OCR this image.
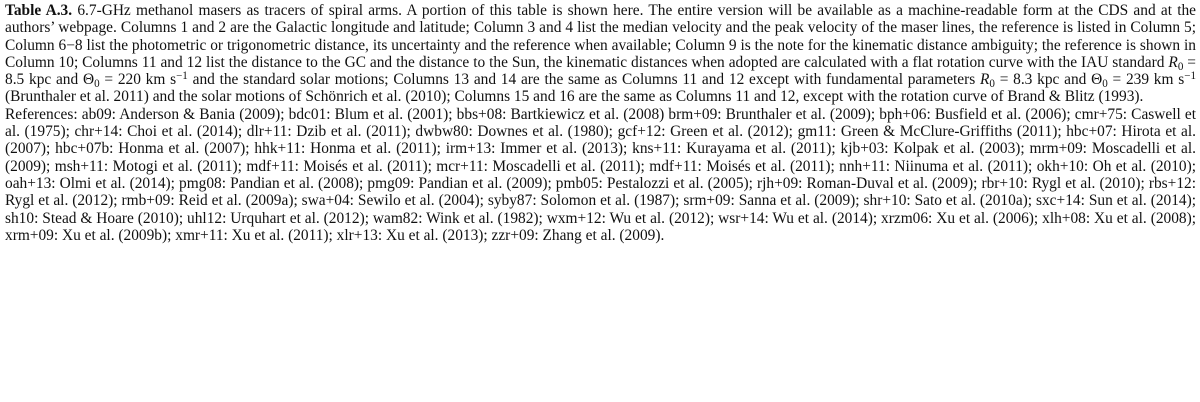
Table A.3. 6.7-GHz methanol masers as tracers of spiral arms. A portion of this table is shown here. The entire version will be available as a machine-readable form at the CDS and at the authors’ webpage. Columns 1 and 2 are the Galactic longitude and latitude; Column 3 and 4 list the median velocity and the peak velocity of the maser lines, the reference is listed in Column 5; Column 6−8 list the photometric or trigonometric distance, its uncertainty and the reference when available; Column 9 is the note for the kinematic distance ambiguity; the reference is shown in Column 10; Columns 11 and 12 list the distance to the GC and the distance to the Sun, the kinematic distances when adopted are calculated with a flat rotation curve with the IAU standard $R_0 = 8.5$ kpc and $\Theta_0 = 220$ km $s^{-1}$ and the standard solar motions; Columns 13 and 14 are the same as Columns 11 and 12 except with fundamental parameters $R_0 = 8.3$ kpc and $\Theta_0 = 239$ km $s^{-1}$ (Brunthaler et al. 2011) and the solar motions of Schönrich et al. (2010); Columns 15 and 16 are the same as Columns 11 and 12, except with the rotation curve of Brand & Blitz (1993).

References: ab09: Anderson & Bania (2009); bdc01: Blum et al. (2001); bbs+08: Bartkiewicz et al. (2008) brm+09: Brunthaler et al. (2009); bph+06: Busfield et al. (2006); cmr+75: Caswell et al. (1975); chr+14: Choi et al. (2014); dlr+11: Dzib et al. (2011); dwbw80: Downes et al. (1980); gcf+12: Green et al. (2012); gm11: Green & McClure-Griffiths (2011); hbc+07: Hirota et al. (2007); hbc+07b: Honma et al. (2007); hhk+11: Honma et al. (2011); irm+13: Immer et al. (2013); kns+11: Kurayama et al. (2011); kjb+03: Kolpak et al. (2003); mrm+09: Moscadelli et al. (2009); msh+11: Motogi et al. (2011); mdf+11: Moisés et al. (2011); mcr+11: Moscadelli et al. (2011); mdf+11: Moisés et al. (2011); nnh+11: Niinuma et al. (2011); okh+10: Oh et al. (2010); oah+13: Olmi et al. (2014); pmg08: Pandian et al. (2008); pmg09: Pandian et al. (2009); pmb05: Pestalozzi et al. (2005); rjh+09: Roman-Duval et al. (2009); rbr+10: Rygl et al. (2010); rbs+12: Rygl et al. (2012); rmb+09: Reid et al. (2009a); swa+04: Sewilo et al. (2004); syby87: Solomon et al. (1987); srm+09: Sanna et al. (2009); shr+10: Sato et al. (2010a); sxc+14: Sun et al. (2014); sh10: Stead & Hoare (2010); uhl12: Urquhart et al. (2012); wam82: Wink et al. (1982); wxm+12: Wu et al. (2012); wsr+14: Wu et al. (2014); xrzm06: Xu et al. (2006); xlh+08: Xu et al. (2008); xrm+09: Xu et al. (2009b); xmr+11: Xu et al. (2011); xlr+13: Xu et al. (2013); zzr+09: Zhang et al. (2009).
